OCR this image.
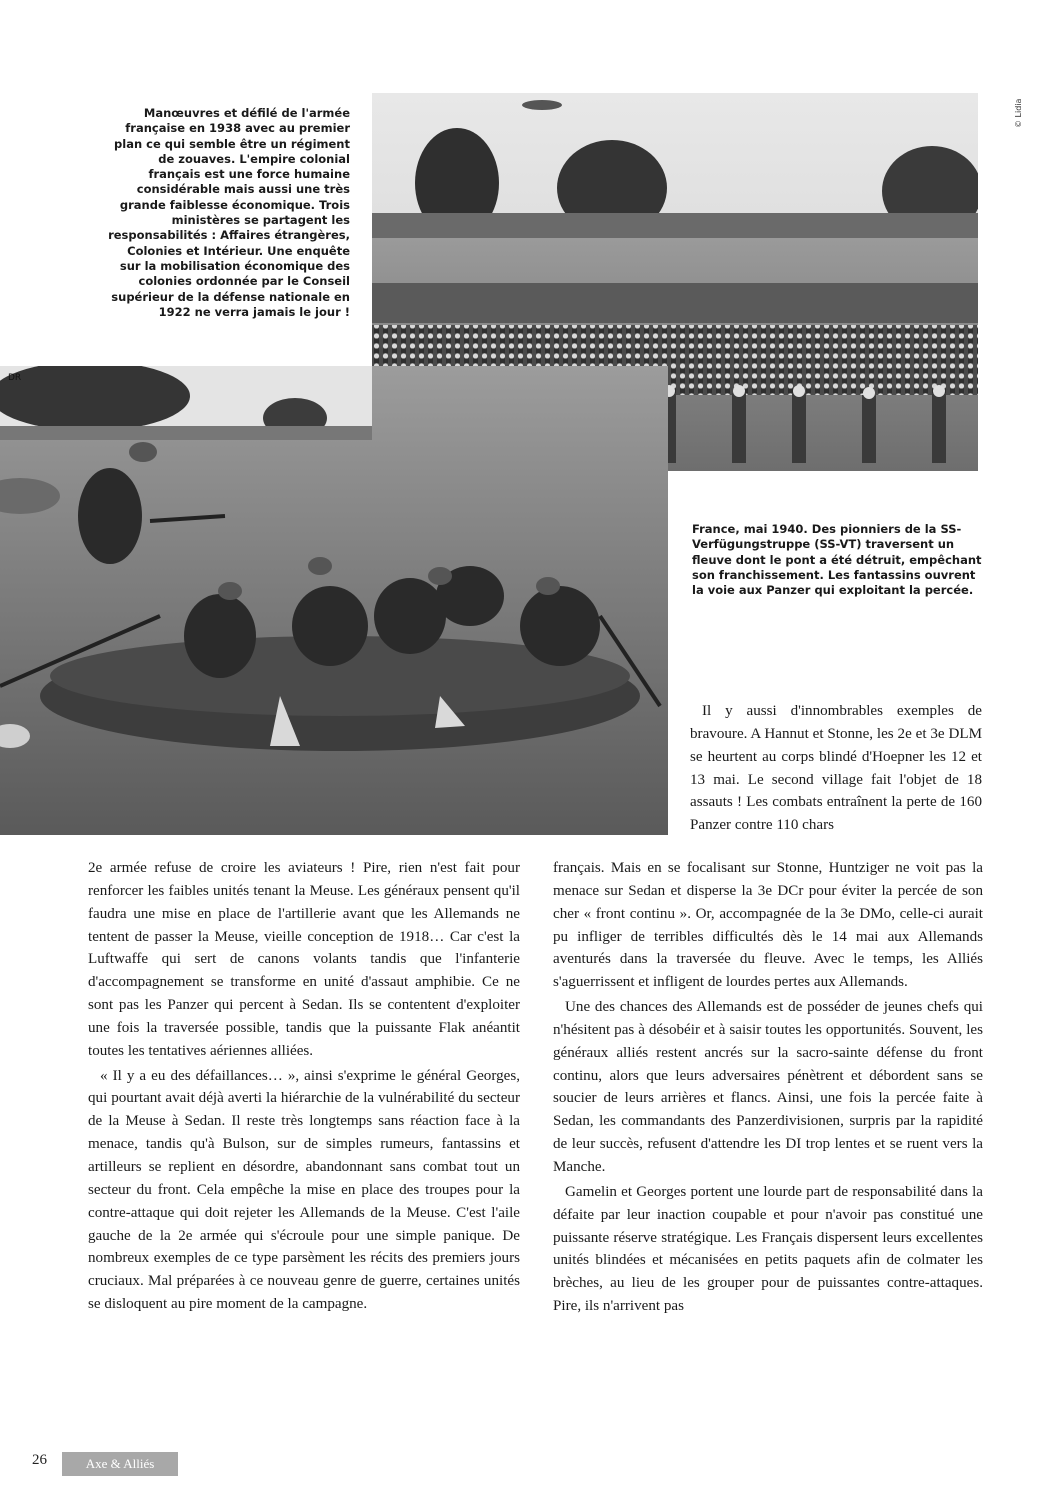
© Lidia

Manœuvres et défilé de l'armée française en 1938 avec au premier plan ce qui semble être un régiment de zouaves. L'empire colonial français est une force humaine considérable mais aussi une très grande faiblesse économique. Trois ministères se partagent les responsabilités : Affaires étrangères, Colonies et Intérieur. Une enquête sur la mobilisation économique des colonies ordonnée par le Conseil supérieur de la défense nationale en 1922 ne verra jamais le jour !

DR

France, mai 1940. Des pionniers de la SS-Verfügungstruppe (SS-VT) traversent un fleuve dont le pont a été détruit, empêchant son franchissement. Les fantassins ouvrent la voie aux Panzer qui exploitant la percée.

Il y aussi d'innombrables exemples de bravoure. A Hannut et Stonne, les 2e et 3e DLM se heurtent au corps blindé d'Hoepner les 12 et 13 mai. Le second village fait l'objet de 18 assauts ! Les combats entraînent la perte de 160 Panzer contre 110 chars

2e armée refuse de croire les aviateurs ! Pire, rien n'est fait pour renforcer les faibles unités tenant la Meuse. Les généraux pensent qu'il faudra une mise en place de l'artillerie avant que les Allemands ne tentent de passer la Meuse, vieille conception de 1918… Car c'est la Luftwaffe qui sert de canons volants tandis que l'infanterie d'accompagnement se transforme en unité d'assaut amphibie. Ce ne sont pas les Panzer qui percent à Sedan. Ils se contentent d'exploiter une fois la traversée possible, tandis que la puissante Flak anéantit toutes les tentatives aériennes alliées.

« Il y a eu des défaillances… », ainsi s'exprime le général Georges, qui pourtant avait déjà averti la hiérarchie de la vulnérabilité du secteur de la Meuse à Sedan. Il reste très longtemps sans réaction face à la menace, tandis qu'à Bulson, sur de simples rumeurs, fantassins et artilleurs se replient en désordre, abandonnant sans combat tout un secteur du front. Cela empêche la mise en place des troupes pour la contre-attaque qui doit rejeter les Allemands de la Meuse. C'est l'aile gauche de la 2e armée qui s'écroule pour une simple panique. De nombreux exemples de ce type parsèment les récits des premiers jours cruciaux. Mal préparées à ce nouveau genre de guerre, certaines unités se disloquent au pire moment de la campagne.

français. Mais en se focalisant sur Stonne, Huntziger ne voit pas la menace sur Sedan et disperse la 3e DCr pour éviter la percée de son cher « front continu ». Or, accompagnée de la 3e DMo, celle-ci aurait pu infliger de terribles difficultés dès le 14 mai aux Allemands aventurés dans la traversée du fleuve. Avec le temps, les Alliés s'aguerrissent et infligent de lourdes pertes aux Allemands.

Une des chances des Allemands est de posséder de jeunes chefs qui n'hésitent pas à désobéir et à saisir toutes les opportunités. Souvent, les généraux alliés restent ancrés sur la sacro-sainte défense du front continu, alors que leurs adversaires pénètrent et débordent sans se soucier de leurs arrières et flancs. Ainsi, une fois la percée faite à Sedan, les commandants des Panzerdivisionen, surpris par la rapidité de leur succès, refusent d'attendre les DI trop lentes et se ruent vers la Manche.

Gamelin et Georges portent une lourde part de responsabilité dans la défaite par leur inaction coupable et pour n'avoir pas constitué une puissante réserve stratégique. Les Français dispersent leurs excellentes unités blindées et mécanisées en petits paquets afin de colmater les brèches, au lieu de les grouper pour de puissantes contre-attaques. Pire, ils n'arrivent pas

26	Axe & Alliés
